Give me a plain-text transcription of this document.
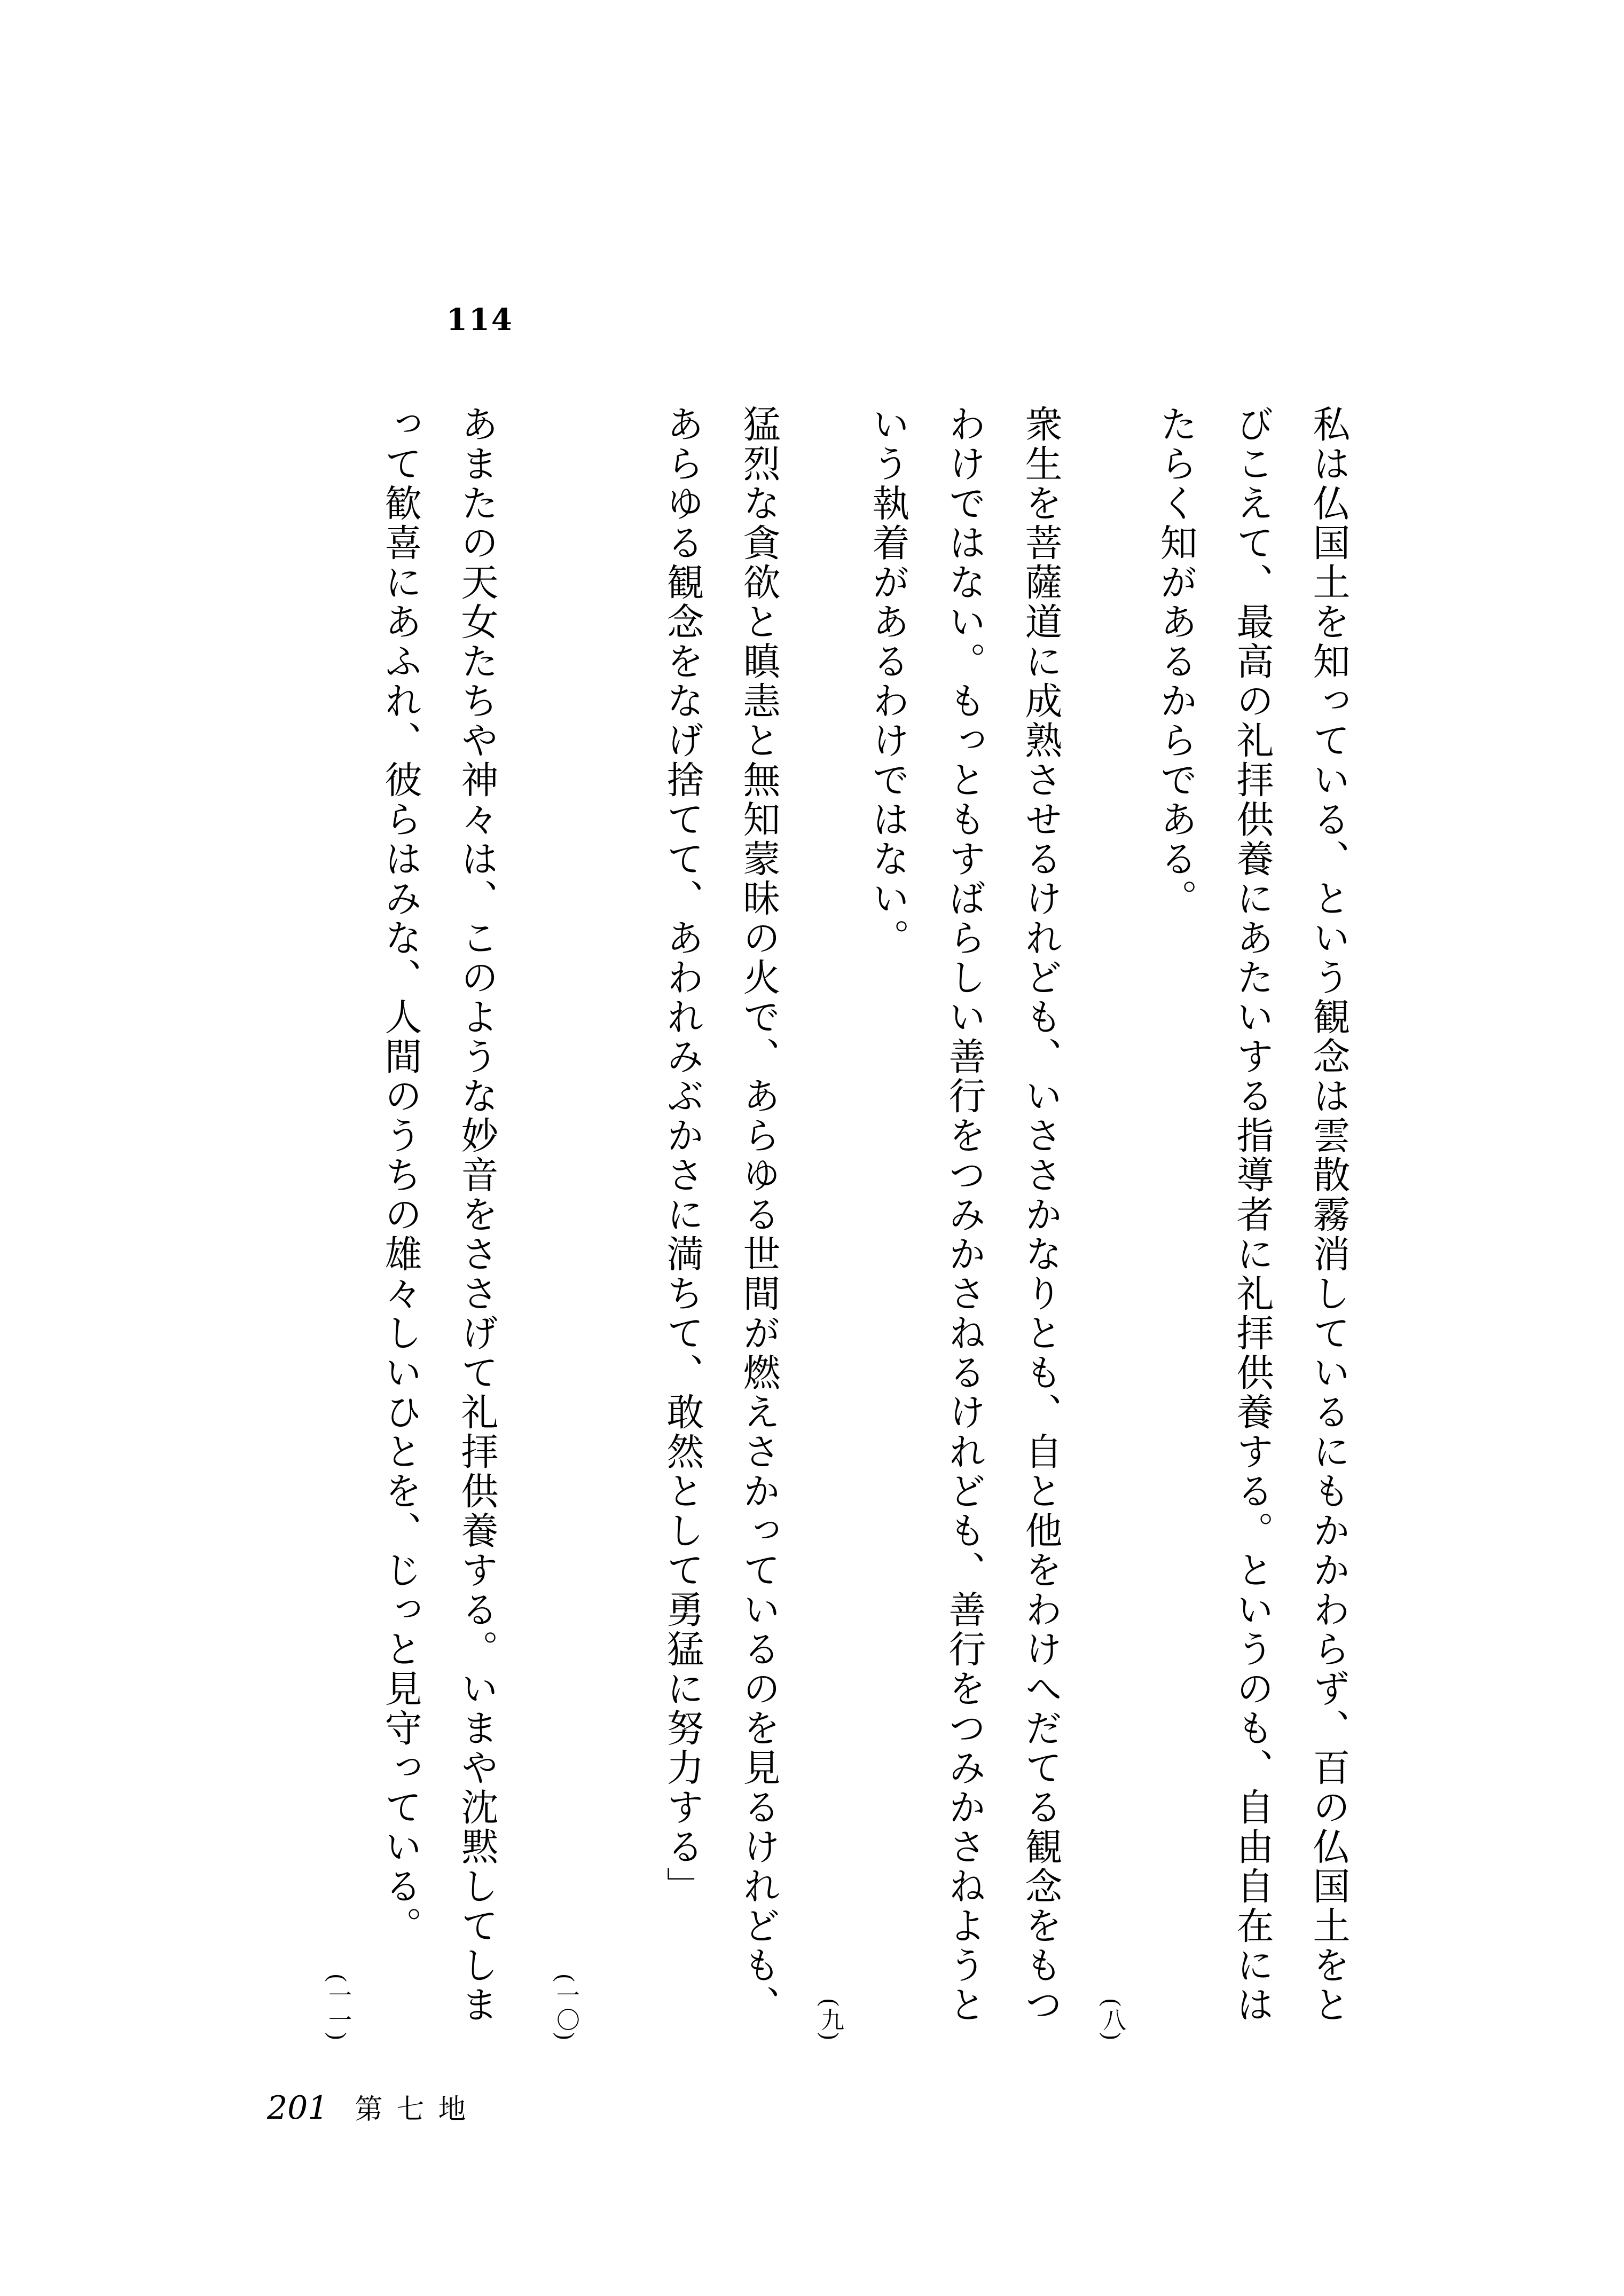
114
私は仏国土を知っている、という観念は雲散霧消しているにもかかわらず、百の仏国土をと
びこえて、最高の礼拝供養にあたいする指導者に礼拝供養する。というのも、自由自在には
たらく知があるからである。
(八)
衆生を菩薩道に成熟させるけれども、いささかなりとも、自と他をわけへだてる観念をもつ
わけではない。もっともすばらしい善行をつみかさねるけれども、善行をつみかさねようと
いう執着があるわけではない。
(九)
猛烈な貪欲と瞋恚と無知蒙昧の火で、あらゆる世間が燃えさかっているのを見るけれども、
あらゆる観念をなげ捨てて、あわれみぶかさに満ちて、敢然として勇猛に努力する」
(一〇)
あまたの天女たちや神々は、このような妙音をささげて礼拝供養する。いまや沈黙してしま
って歓喜にあふれ、彼らはみな、人間のうちの雄々しいひとを、じっと見守っている。
(一一)
201 第七地
